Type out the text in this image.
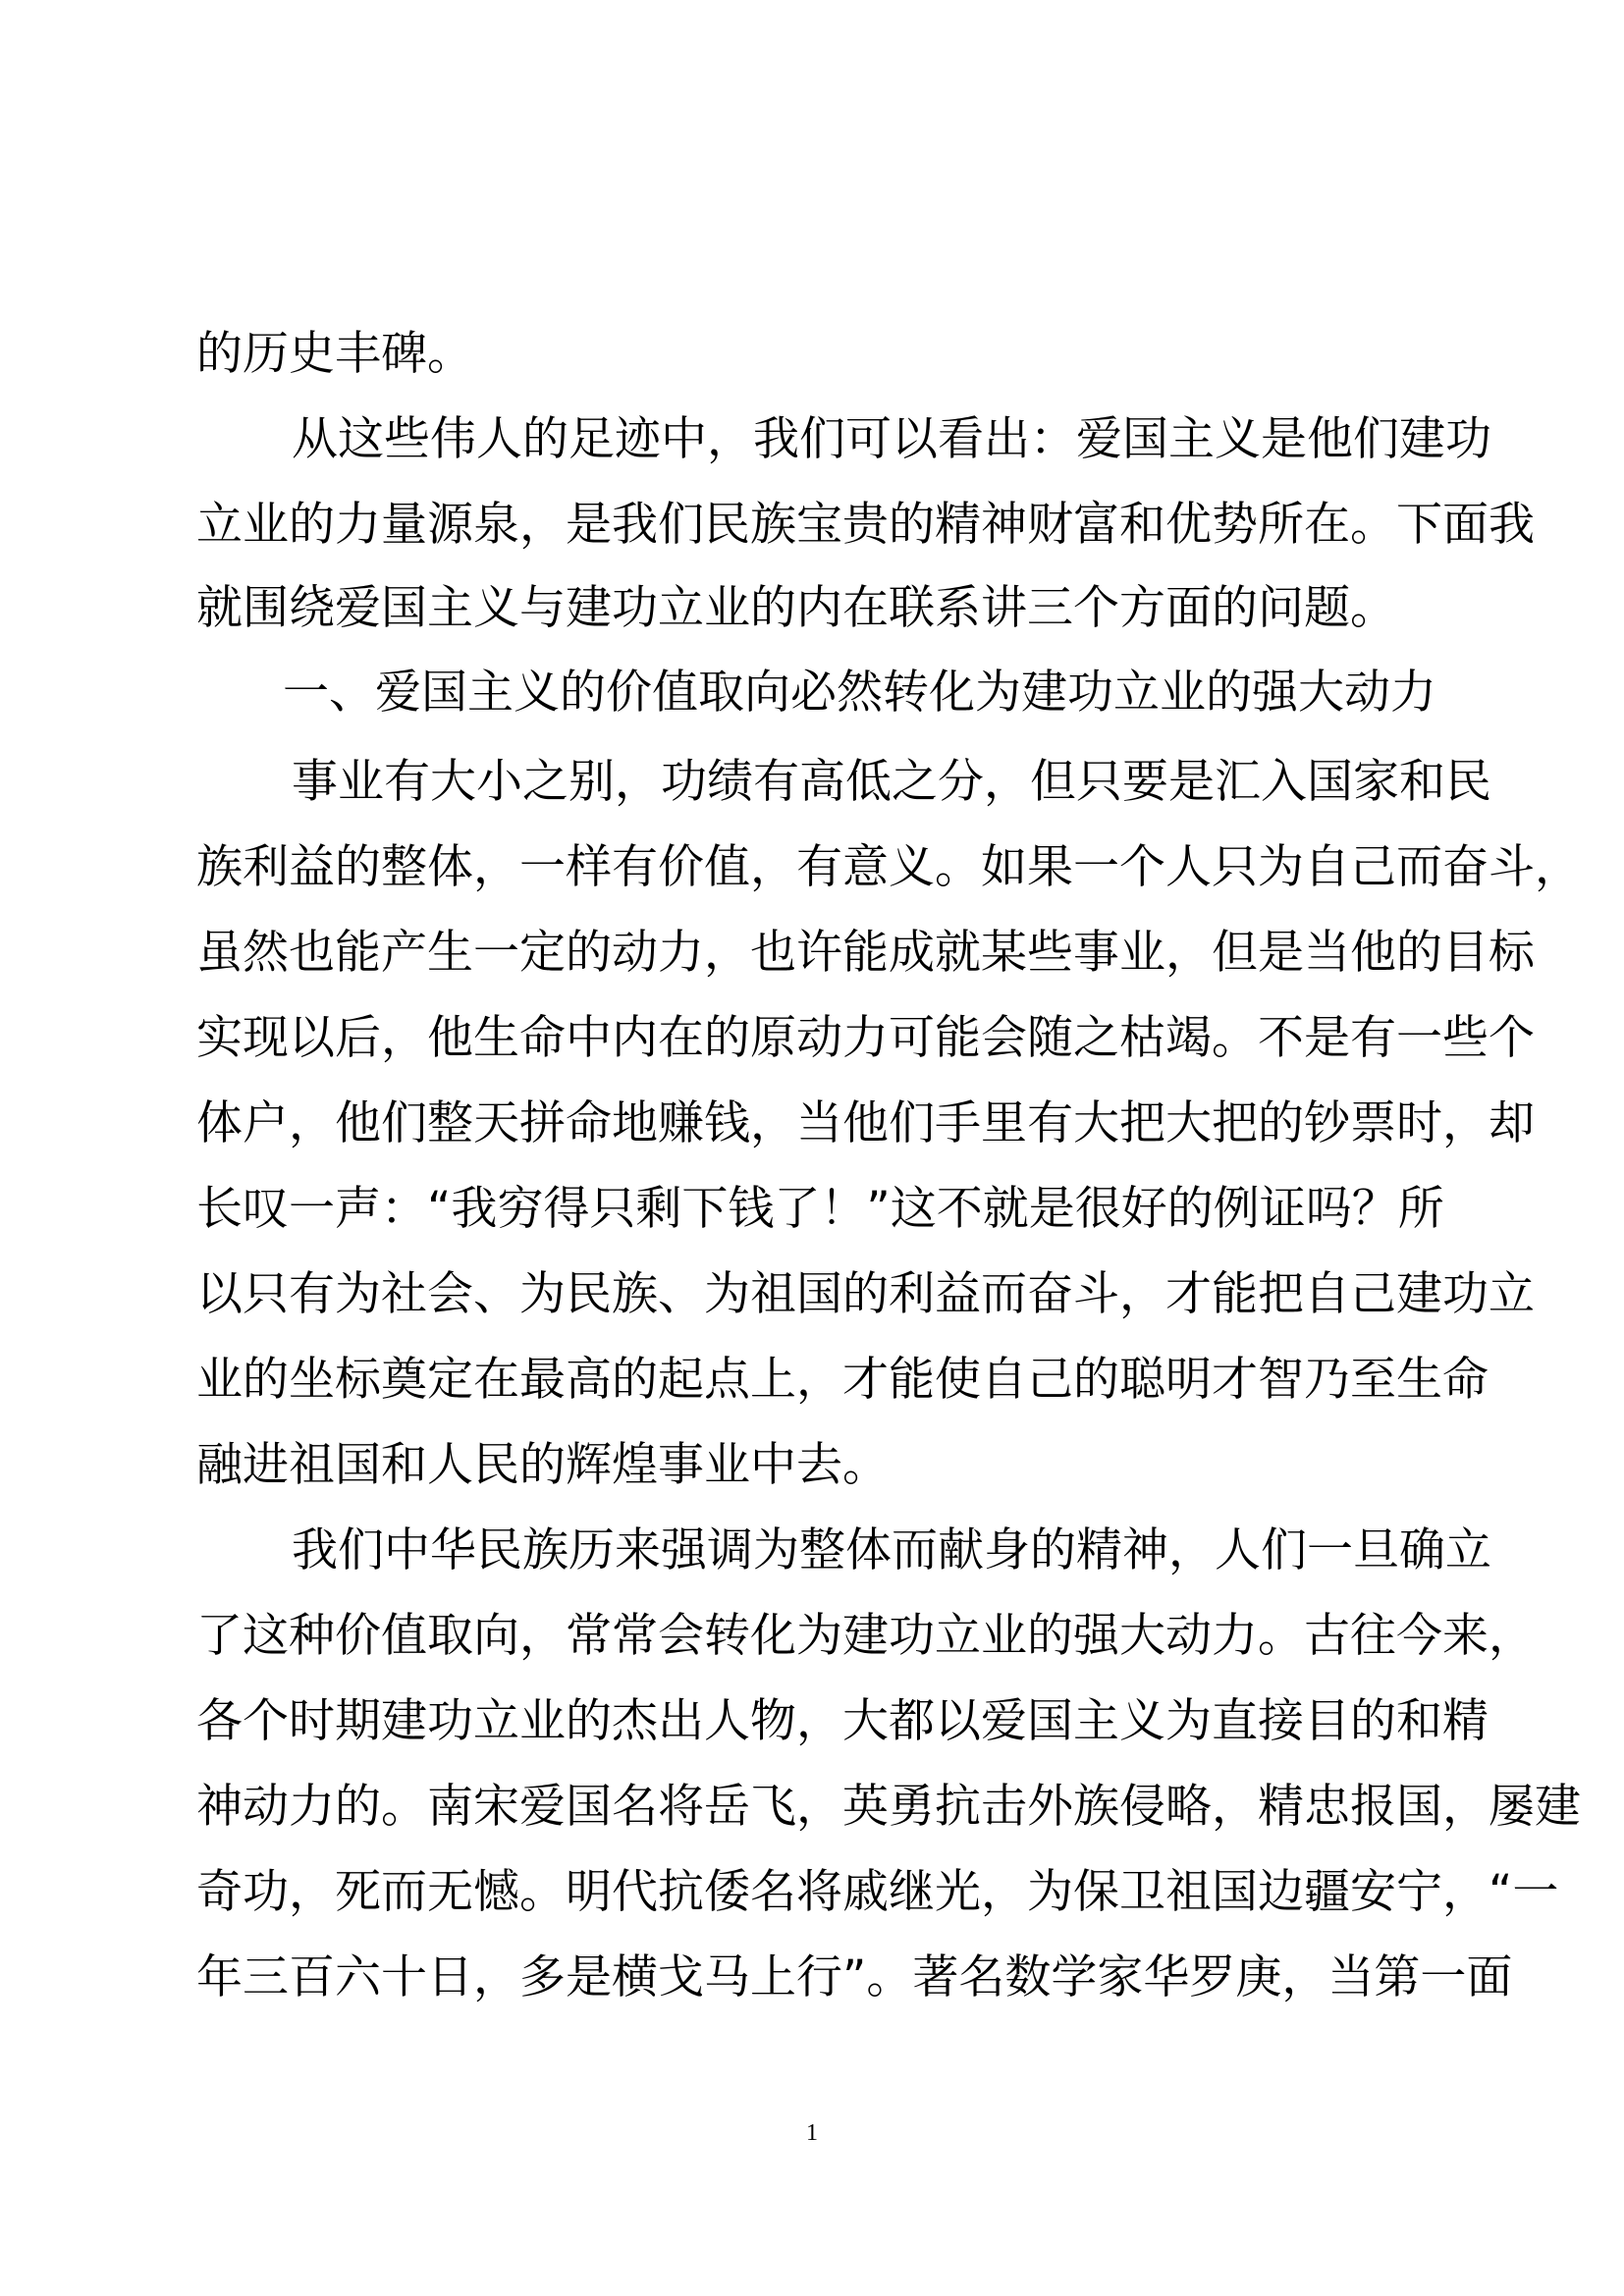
的历史丰碑。
从这些伟人的足迹中，我们可以看出：爱国主义是他们建功
立业的力量源泉，是我们民族宝贵的精神财富和优势所在。下面我
就围绕爱国主义与建功立业的内在联系讲三个方面的问题。
一、爱国主义的价值取向必然转化为建功立业的强大动力
事业有大小之别，功绩有高低之分，但只要是汇入国家和民
族利益的整体，一样有价值，有意义。如果一个人只为自己而奋斗，
虽然也能产生一定的动力，也许能成就某些事业，但是当他的目标
实现以后，他生命中内在的原动力可能会随之枯竭。不是有一些个
体户，他们整天拼命地赚钱，当他们手里有大把大把的钞票时，却
长叹一声：“我穷得只剩下钱了！”这不就是很好的例证吗？所
以只有为社会、为民族、为祖国的利益而奋斗，才能把自己建功立
业的坐标奠定在最高的起点上，才能使自己的聪明才智乃至生命
融进祖国和人民的辉煌事业中去。
我们中华民族历来强调为整体而献身的精神，人们一旦确立
了这种价值取向，常常会转化为建功立业的强大动力。古往今来，
各个时期建功立业的杰出人物，大都以爱国主义为直接目的和精
神动力的。南宋爱国名将岳飞，英勇抗击外族侵略，精忠报国，屡建
奇功，死而无憾。明代抗倭名将戚继光，为保卫祖国边疆安宁，“一
年三百六十日，多是横戈马上行”。著名数学家华罗庚，当第一面
1
